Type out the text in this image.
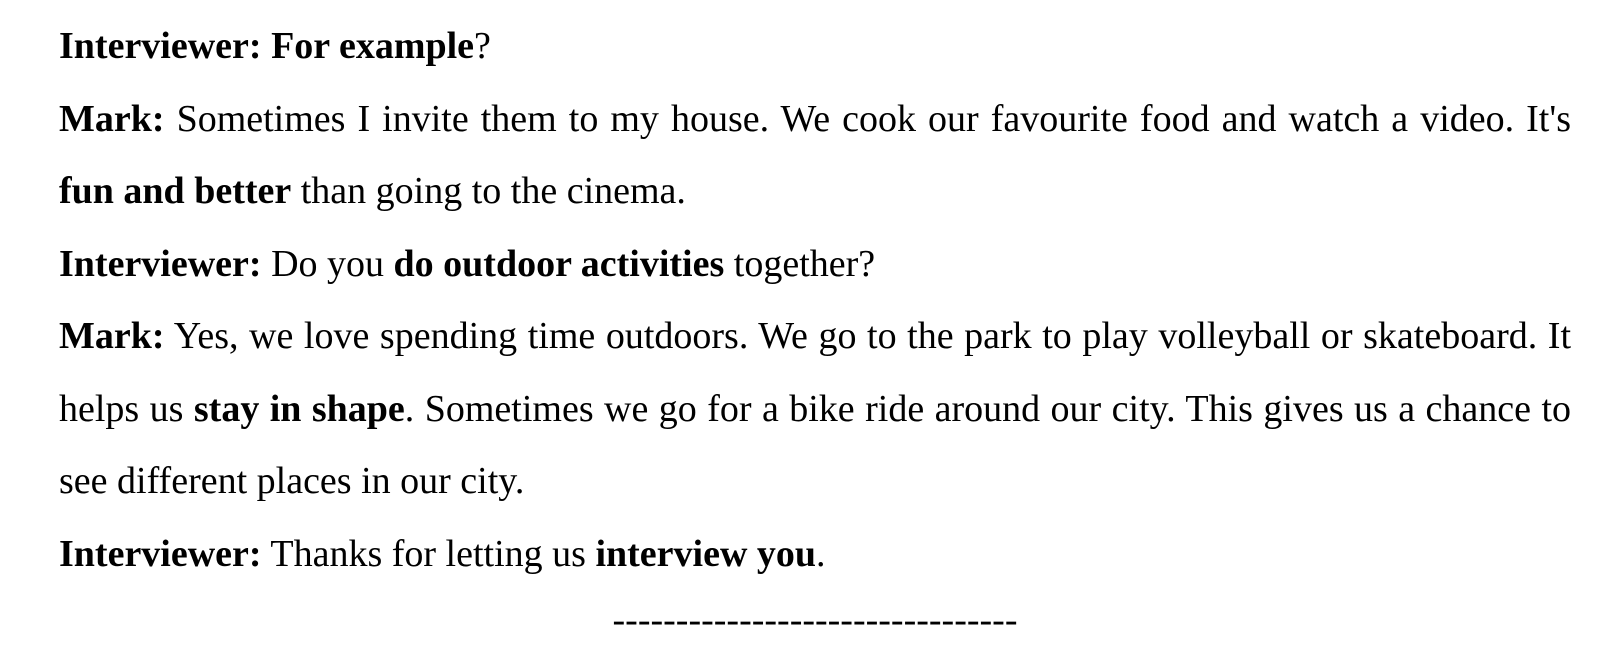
Interviewer: For example?

Mark: Sometimes I invite them to my house. We cook our favourite food and watch a video. It's fun and better than going to the cinema.

Interviewer: Do you do outdoor activities together?

Mark: Yes, we love spending time outdoors. We go to the park to play volleyball or skateboard. It helps us stay in shape. Sometimes we go for a bike ride around our city. This gives us a chance to see different places in our city.

Interviewer: Thanks for letting us interview you.

--------------------------------
